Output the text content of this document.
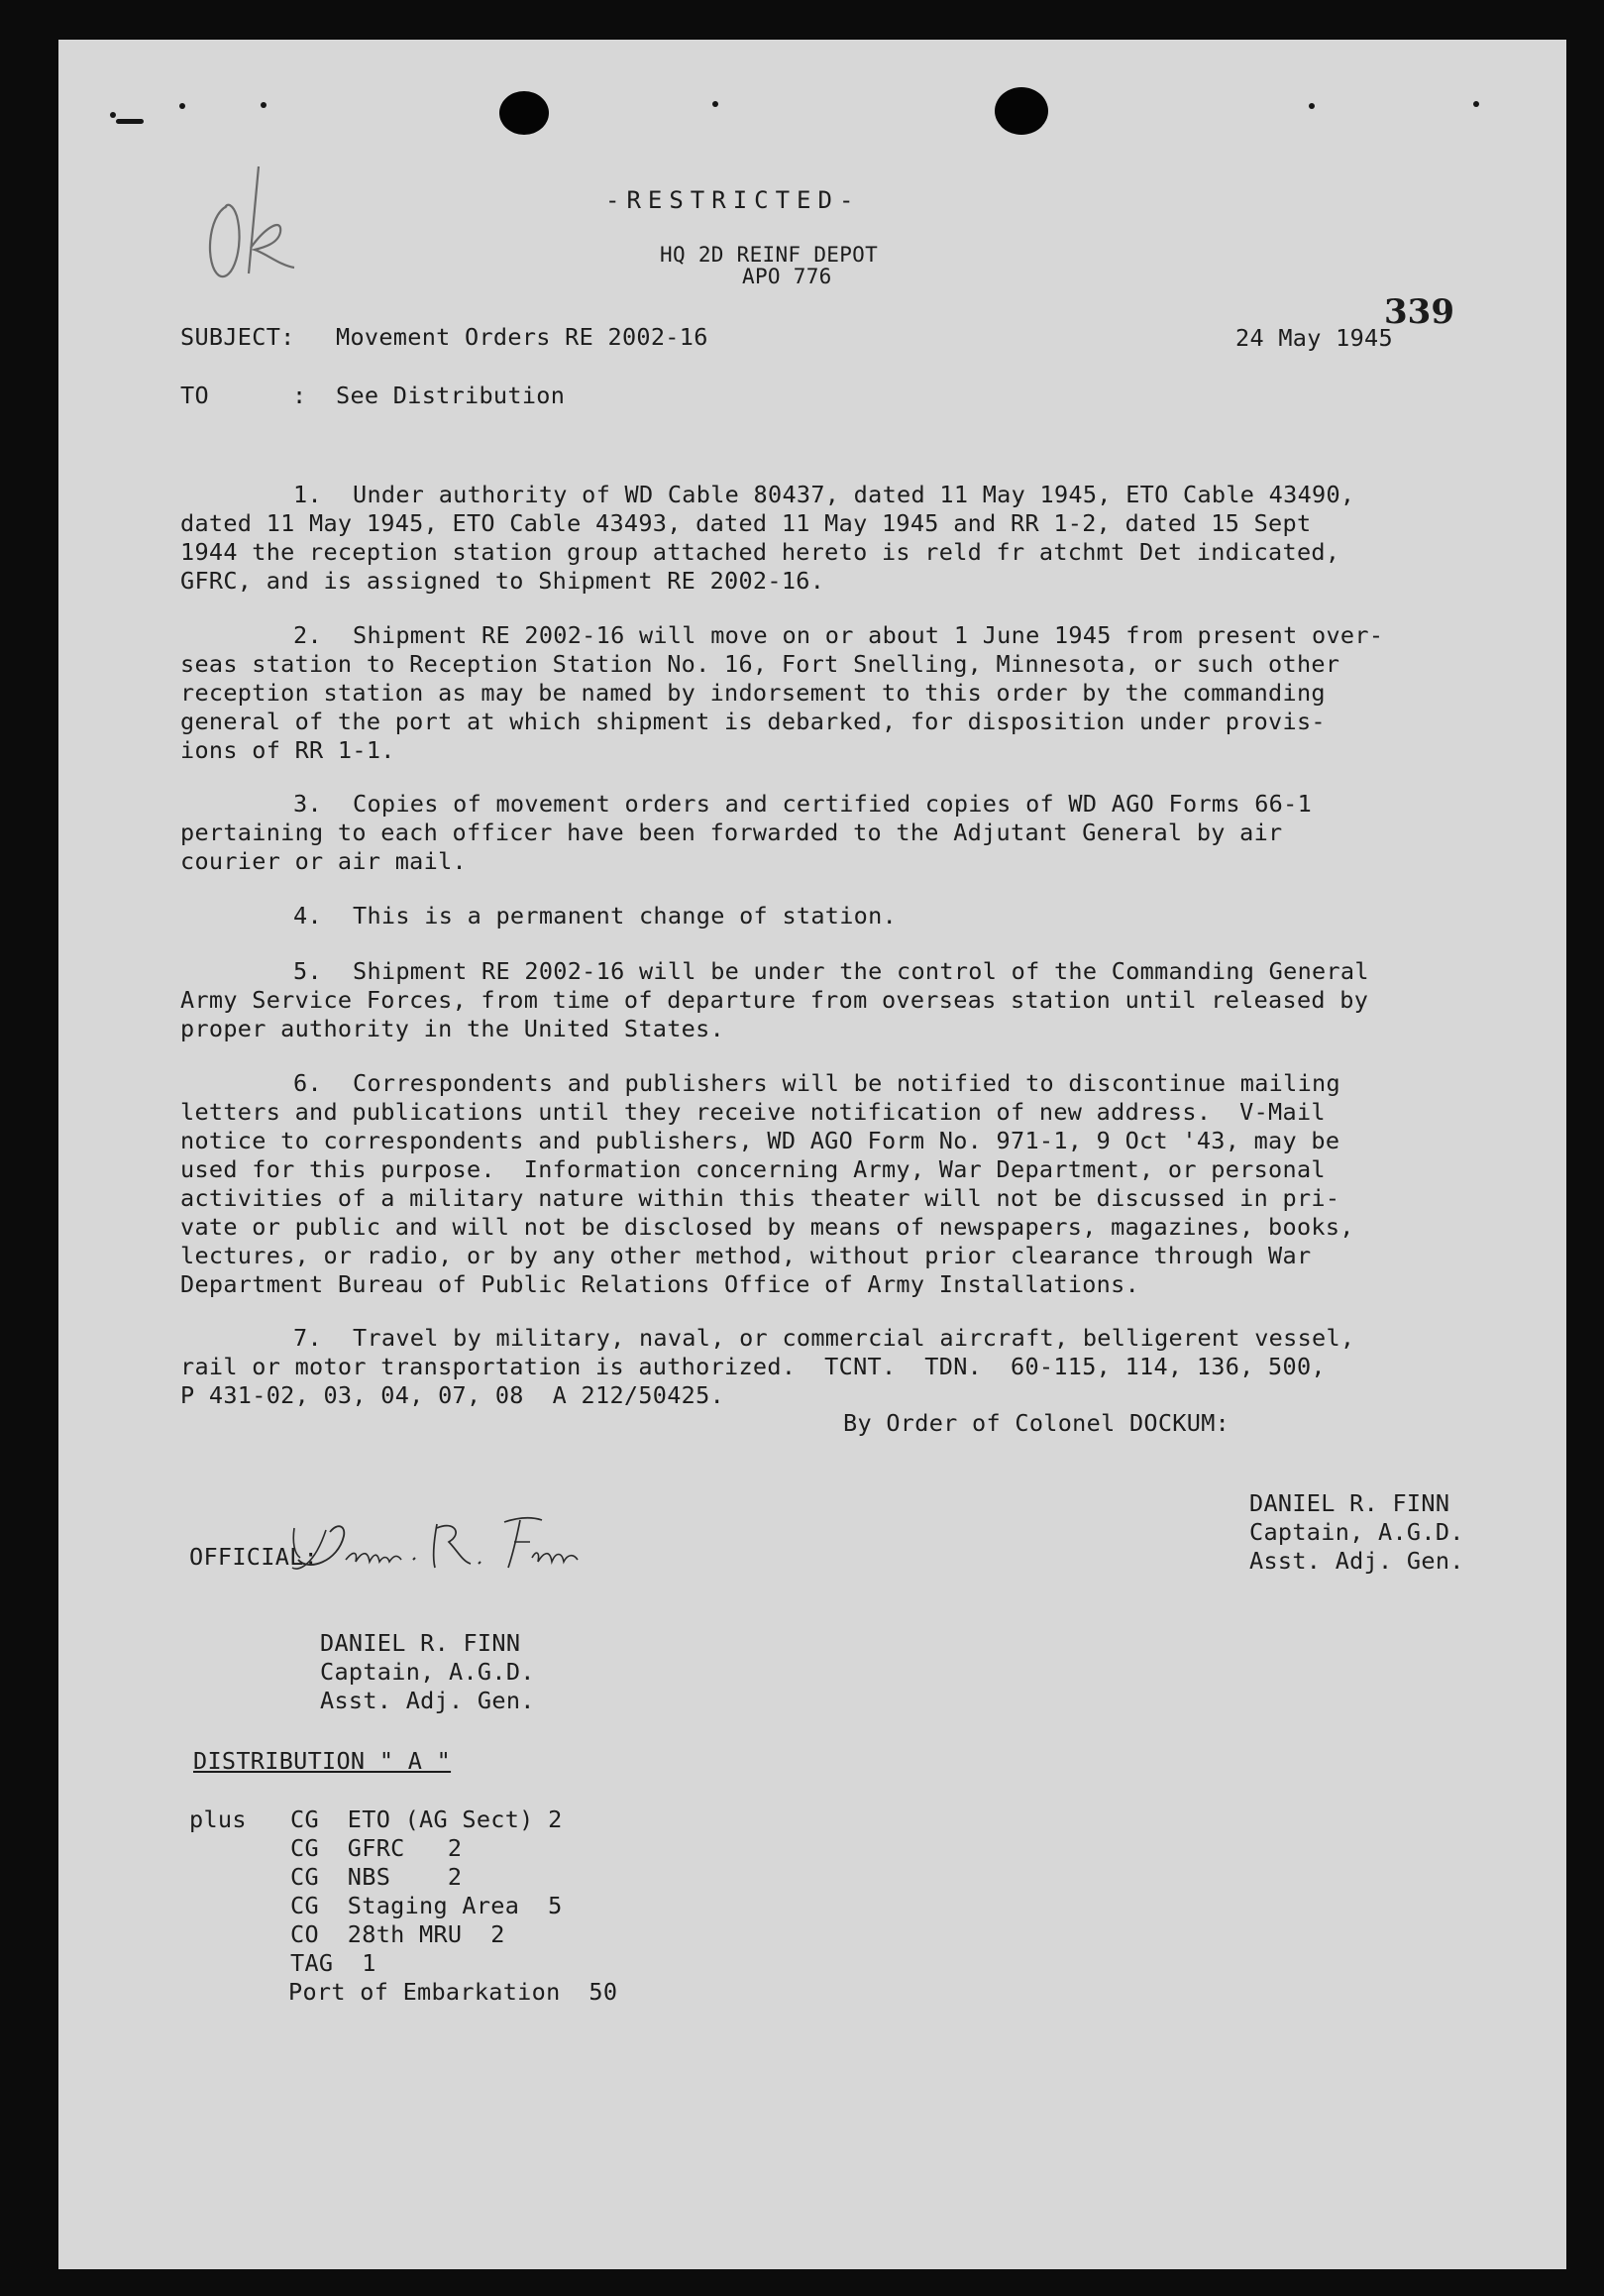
-RESTRICTED-
HQ 2D REINF DEPOT
APO 776
339
SUBJECT: Movement Orders RE 2002-16	24 May 1945
TO	: See Distribution
1. Under authority of WD Cable 80437, dated 11 May 1945, ETO Cable 43490,
dated 11 May 1945, ETO Cable 43493, dated 11 May 1945 and RR 1-2, dated 15 Sept
1944 the reception station group attached hereto is reld fr atchmt Det indicated,
GFRC, and is assigned to Shipment RE 2002-16.
2. Shipment RE 2002-16 will move on or about 1 June 1945 from present over-
seas station to Reception Station No. 16, Fort Snelling, Minnesota, or such other
reception station as may be named by indorsement to this order by the commanding
general of the port at which shipment is debarked, for disposition under provis-
ions of RR 1-1.
3. Copies of movement orders and certified copies of WD AGO Forms 66-1
pertaining to each officer have been forwarded to the Adjutant General by air
courier or air mail.
4. This is a permanent change of station.
5. Shipment RE 2002-16 will be under the control of the Commanding General
Army Service Forces, from time of departure from overseas station until released by
proper authority in the United States.
6. Correspondents and publishers will be notified to discontinue mailing
letters and publications until they receive notification of new address.  V-Mail
notice to correspondents and publishers, WD AGO Form No. 971-1, 9 Oct '43, may be
used for this purpose.  Information concerning Army, War Department, or personal
activities of a military nature within this theater will not be discussed in pri-
vate or public and will not be disclosed by means of newspapers, magazines, books,
lectures, or radio, or by any other method, without prior clearance through War
Department Bureau of Public Relations Office of Army Installations.
7. Travel by military, naval, or commercial aircraft, belligerent vessel,
rail or motor transportation is authorized.  TCNT.  TDN.  60-115, 114, 136, 500,
P 431-02, 03, 04, 07, 08  A 212/50425.
By Order of Colonel DOCKUM:
DANIEL R. FINN
Captain, A.G.D.
Asst. Adj. Gen.
OFFICIAL:
DANIEL R. FINN
Captain, A.G.D.
Asst. Adj. Gen.
DISTRIBUTION " A "
plus CG  ETO (AG Sect) 2
CG  GFRC   2
CG  NBS    2
CG  Staging Area  5
CO  28th MRU  2
TAG  1
Port of Embarkation  50
